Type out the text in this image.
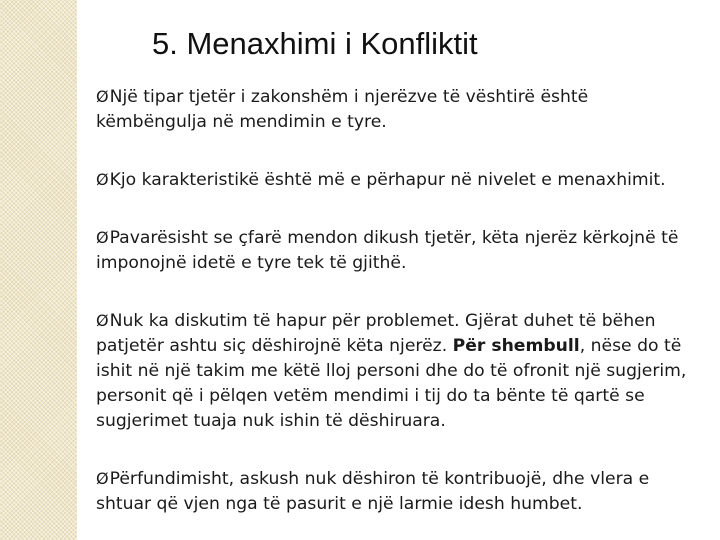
5. Menaxhimi i Konfliktit

ØNjë tipar tjetër i zakonshëm i njerëzve të vështirë është këmbëngulja në mendimin e tyre.

ØKjo karakteristikë është më e përhapur në nivelet e menaxhimit.

ØPavarësisht se çfarë mendon dikush tjetër, këta njerëz kërkojnë të imponojnë idetë e tyre tek të gjithë.

ØNuk ka diskutim të hapur për problemet. Gjërat duhet të bëhen patjetër ashtu siç dëshirojnë këta njerëz. Për shembull, nëse do të ishit në një takim me këtë lloj personi dhe do të ofronit një sugjerim, personit që i pëlqen vetëm mendimi i tij do ta bënte të qartë se sugjerimet tuaja nuk ishin të dëshiruara.

ØPërfundimisht, askush nuk dëshiron të kontribuojë, dhe vlera e shtuar që vjen nga të pasurit e një larmie idesh humbet.
